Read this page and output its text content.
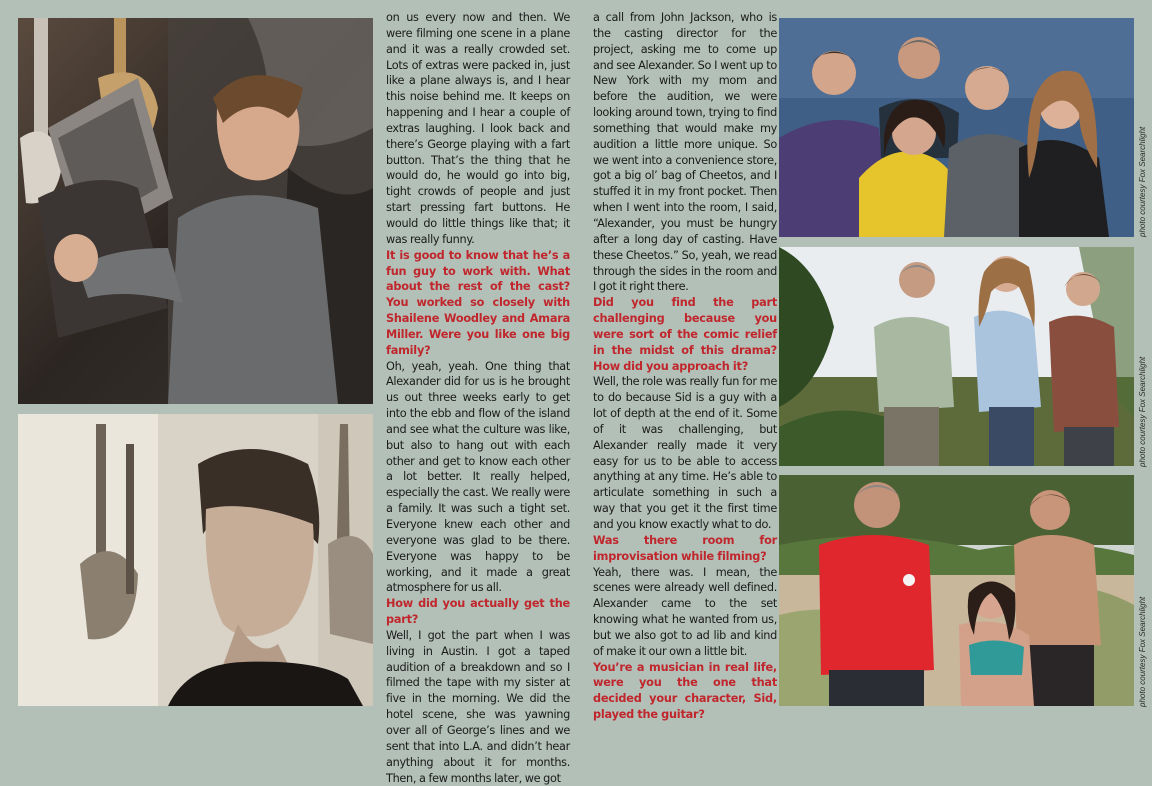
on us every now and then. We were filming one scene in a plane and it was a really crowded set. Lots of extras were packed in, just like a plane always is, and I hear this noise behind me. It keeps on happening and I hear a couple of extras laughing. I look back and there’s George playing with a fart button. That’s the thing that he would do, he would go into big, tight crowds of people and just start pressing fart buttons. He would do little things like that; it was really funny.

It is good to know that he’s a fun guy to work with. What about the rest of the cast? You worked so closely with Shailene Woodley and Amara Miller. Were you like one big family?

Oh, yeah, yeah. One thing that Alexander did for us is he brought us out three weeks early to get into the ebb and flow of the island and see what the culture was like, but also to hang out with each other and get to know each other a lot better. It really helped, especially the cast. We really were a family. It was such a tight set. Everyone knew each other and everyone was glad to be there. Everyone was happy to be working, and it made a great atmosphere for us all.

How did you actually get the part?

Well, I got the part when I was living in Austin. I got a taped audition of a breakdown and so I filmed the tape with my sister at five in the morning. We did the hotel scene, she was yawning over all of George’s lines and we sent that into L.A. and didn’t hear anything about it for months. Then, a few months later, we got

a call from John Jackson, who is the casting director for the project, asking me to come up and see Alexander. So I went up to New York with my mom and before the audition, we were looking around town, trying to find something that would make my audition a little more unique. So we went into a convenience store, got a big ol’ bag of Cheetos, and I stuffed it in my front pocket. Then when I went into the room, I said, “Alexander, you must be hungry after a long day of casting. Have these Cheetos.” So, yeah, we read through the sides in the room and I got it right there.

Did you find the part challenging because you were sort of the comic relief in the midst of this drama? How did you approach it?

Well, the role was really fun for me to do because Sid is a guy with a lot of depth at the end of it. Some of it was challenging, but Alexander really made it very easy for us to be able to access anything at any time. He’s able to articulate something in such a way that you get it the first time and you know exactly what to do.

Was there room for improvisation while filming?

Yeah, there was. I mean, the scenes were already well defined. Alexander came to the set knowing what he wanted from us, but we also got to ad lib and kind of make it our own a little bit.

You’re a musician in real life, were you the one that decided your character, Sid, played the guitar?

photo courtesy Fox Searchlight
photo courtesy Fox Searchlight
photo courtesy Fox Searchlight
